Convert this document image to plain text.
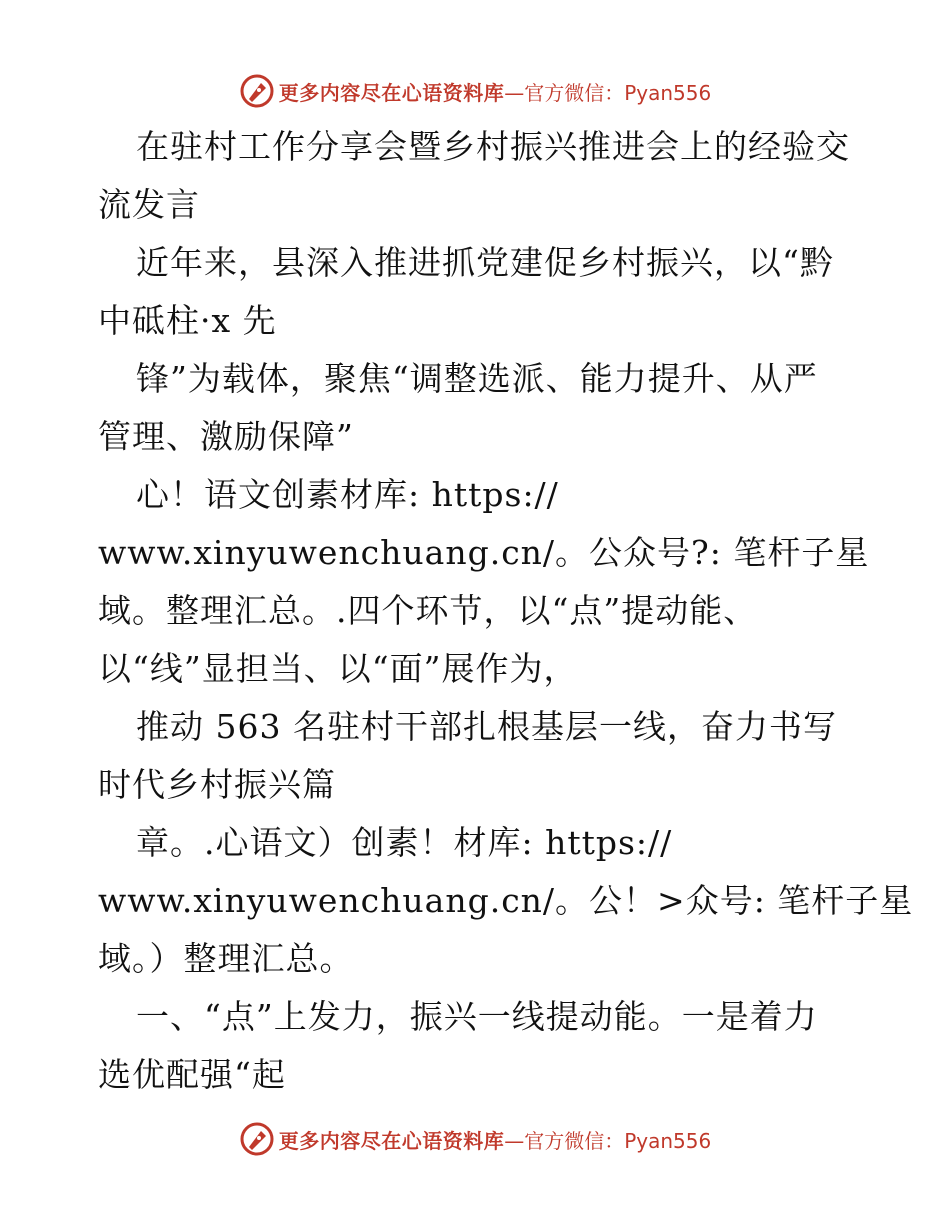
更多内容尽在心语资料库 —官方微信：Pyan556
在驻村工作分享会暨乡村振兴推进会上的经验交
流发言
近年来，县深入推进抓党建促乡村振兴，以“黔
中砥柱·x 先
锋”为载体，聚焦“调整选派、能力提升、从严
管理、激励保障”
心！语文创素材库: https://
www.xinyuwenchuang.cn/。公众号?: 笔杆子星
域。整理汇总。.四个环节，以“点”提动能、
以“线”显担当、以“面”展作为，
推动 563 名驻村干部扎根基层一线，奋力书写
时代乡村振兴篇
章。.心语文）创素！材库: https://
www.xinyuwenchuang.cn/。公！>众号: 笔杆子星
域。）整理汇总。
一、“点”上发力，振兴一线提动能。一是着力
选优配强“起
更多内容尽在心语资料库 —官方微信：Pyan556
